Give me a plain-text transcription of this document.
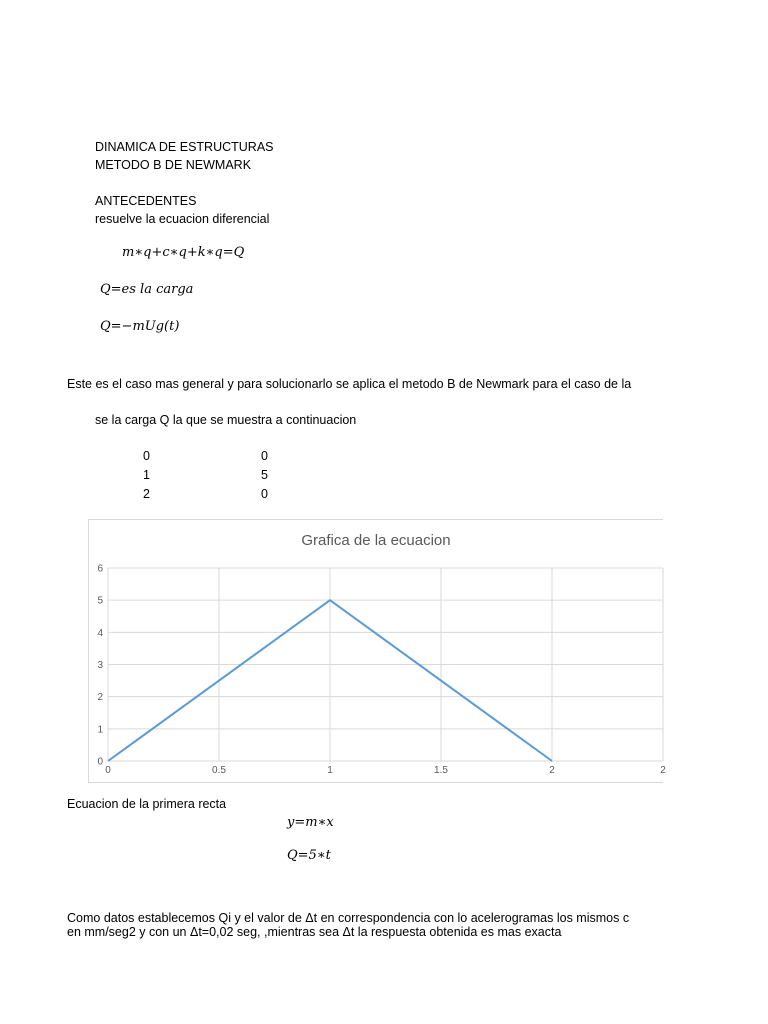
DINAMICA DE ESTRUCTURAS
METODO B DE NEWMARK
ANTECEDENTES
resuelve la ecuacion diferencial
m∗q+c∗q+k∗q=Q
Q=es la carga
Q=−mUg(t)
Este es el caso mas general y para solucionarlo se aplica el metodo B de Newmark para el caso de la
se la carga Q la que se muestra a continuacion
0	0
1	5
2	0
Grafica de la ecuacion
0
1
2
3
4
5
6
0	0.5	1	1.5	2	2
Ecuacion de la primera recta
y=m∗x
Q=5∗t
Como datos establecemos Qi y el valor de Δt en correspondencia con lo acelerogramas los mismos c
en mm/seg2 y con un Δt=0,02 seg, ,mientras sea Δt la respuesta obtenida es mas exacta
